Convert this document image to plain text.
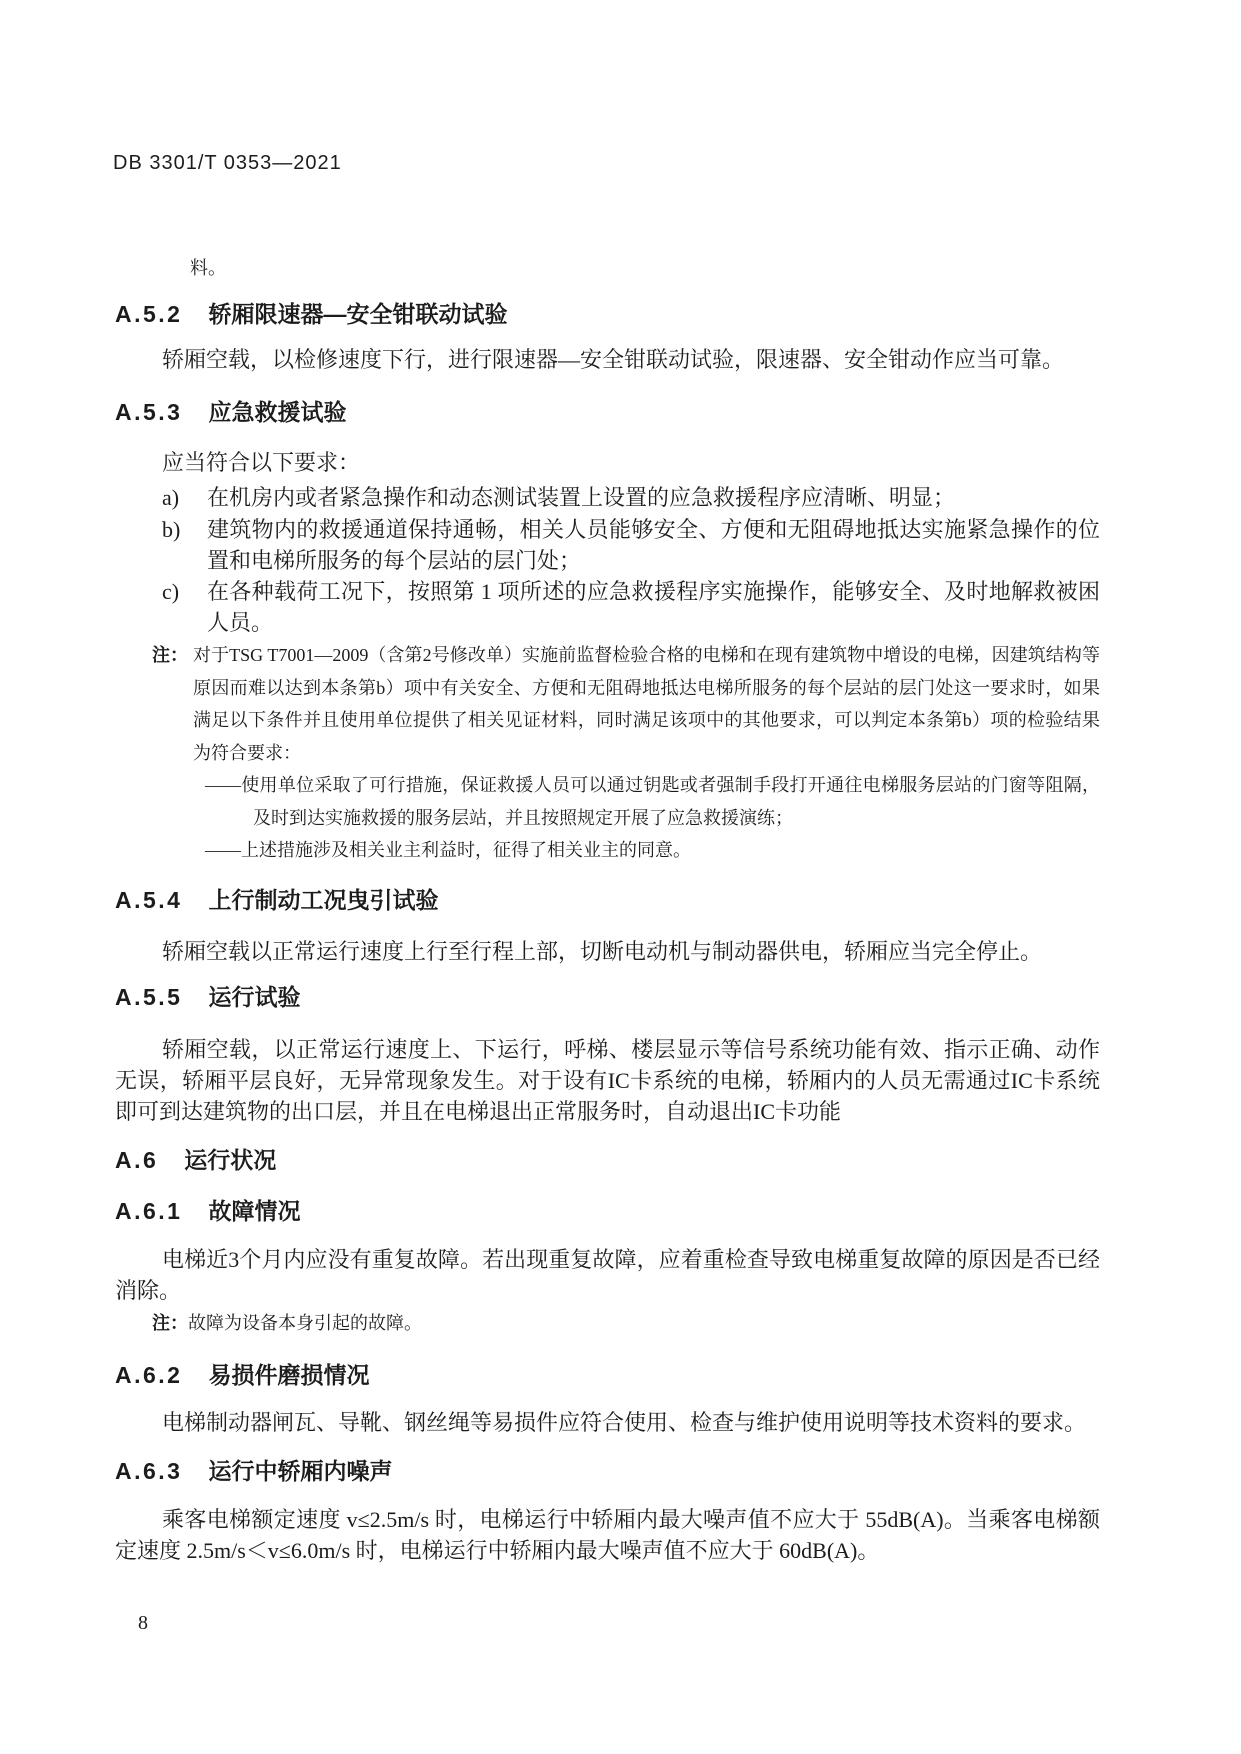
DB 3301/T 0353—2021
料。
A.5.2 轿厢限速器—安全钳联动试验
轿厢空载，以检修速度下行，进行限速器—安全钳联动试验，限速器、安全钳动作应当可靠。
A.5.3 应急救援试验
应当符合以下要求：
a) 在机房内或者紧急操作和动态测试装置上设置的应急救援程序应清晰、明显；
b) 建筑物内的救援通道保持通畅，相关人员能够安全、方便和无阻碍地抵达实施紧急操作的位置和电梯所服务的每个层站的层门处；
c) 在各种载荷工况下，按照第 1 项所述的应急救援程序实施操作，能够安全、及时地解救被困人员。
注： 对于TSG T7001—2009（含第2号修改单）实施前监督检验合格的电梯和在现有建筑物中增设的电梯，因建筑结构等原因而难以达到本条第b）项中有关安全、方便和无阻碍地抵达电梯所服务的每个层站的层门处这一要求时，如果满足以下条件并且使用单位提供了相关见证材料，同时满足该项中的其他要求，可以判定本条第b）项的检验结果为符合要求：

——使用单位采取了可行措施，保证救援人员可以通过钥匙或者强制手段打开通往电梯服务层站的门窗等阻隔，及时到达实施救援的服务层站，并且按照规定开展了应急救援演练；

——上述措施涉及相关业主利益时，征得了相关业主的同意。

A.5.4 上行制动工况曳引试验
轿厢空载以正常运行速度上行至行程上部，切断电动机与制动器供电，轿厢应当完全停止。
A.5.5 运行试验
轿厢空载，以正常运行速度上、下运行，呼梯、楼层显示等信号系统功能有效、指示正确、动作无误，轿厢平层良好，无异常现象发生。对于设有IC卡系统的电梯，轿厢内的人员无需通过IC卡系统即可到达建筑物的出口层，并且在电梯退出正常服务时，自动退出IC卡功能
A.6 运行状况
A.6.1 故障情况
电梯近3个月内应没有重复故障。若出现重复故障，应着重检查导致电梯重复故障的原因是否已经消除。
注：故障为设备本身引起的故障。
A.6.2 易损件磨损情况
电梯制动器闸瓦、导靴、钢丝绳等易损件应符合使用、检查与维护使用说明等技术资料的要求。
A.6.3 运行中轿厢内噪声
乘客电梯额定速度 v≤2.5m/s 时，电梯运行中轿厢内最大噪声值不应大于 55dB(A)。当乘客电梯额定速度 2.5m/s＜v≤6.0m/s 时，电梯运行中轿厢内最大噪声值不应大于 60dB(A)。
8
